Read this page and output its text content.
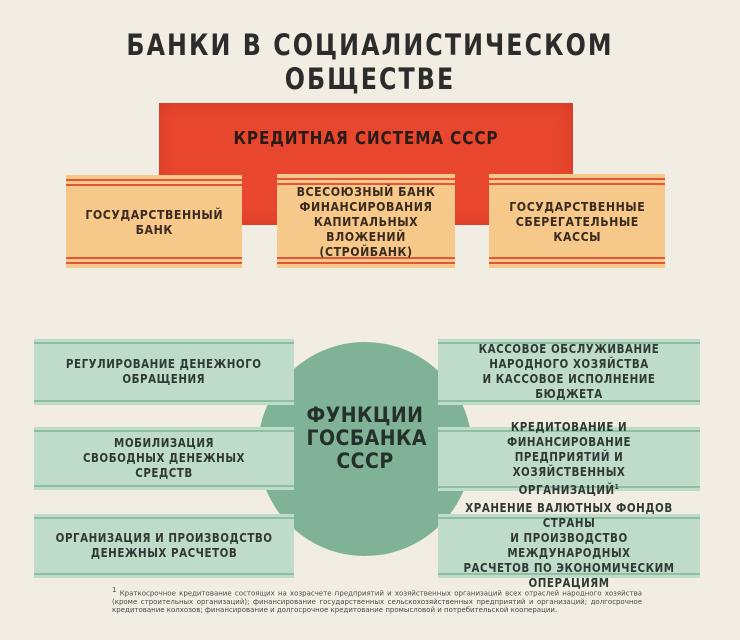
БАНКИ В СОЦИАЛИСТИЧЕСКОМ ОБЩЕСТВЕ
КРЕДИТНАЯ СИСТЕМА СССР
ГОСУДАРСТВЕННЫЙ
БАНК
ВСЕСОЮЗНЫЙ БАНК
ФИНАНСИРОВАНИЯ
КАПИТАЛЬНЫХ ВЛОЖЕНИЙ
(СТРОЙБАНК)
ГОСУДАРСТВЕННЫЕ
СБЕРЕГАТЕЛЬНЫЕ
КАССЫ
РЕГУЛИРОВАНИЕ ДЕНЕЖНОГО
ОБРАЩЕНИЯ
МОБИЛИЗАЦИЯ
СВОБОДНЫХ ДЕНЕЖНЫХ СРЕДСТВ
ОРГАНИЗАЦИЯ И ПРОИЗВОДСТВО
ДЕНЕЖНЫХ РАСЧЕТОВ
КАССОВОЕ ОБСЛУЖИВАНИЕ
НАРОДНОГО ХОЗЯЙСТВА
И КАССОВОЕ ИСПОЛНЕНИЕ БЮДЖЕТА
КРЕДИТОВАНИЕ И ФИНАНСИРОВАНИЕ
ПРЕДПРИЯТИЙ И ХОЗЯЙСТВЕННЫХ
ОРГАНИЗАЦИЙ$^1$
ХРАНЕНИЕ ВАЛЮТНЫХ ФОНДОВ СТРАНЫ
И ПРОИЗВОДСТВО МЕЖДУНАРОДНЫХ
РАСЧЕТОВ ПО ЭКОНОМИЧЕСКИМ ОПЕРАЦИЯМ
ФУНКЦИИ
ГОСБАНКА
СССР
$^1$ Краткосрочное кредитование состоящих на хозрасчете предприятий и хозяйственных организаций всех отраслей народного хозяйства (кроме строительных организаций); финансирование государственных сельскохозяйственных предприятий и организаций; долгосрочное кредитование колхозов; финансирование и долгосрочное кредитование промысловой и потребительской кооперации.
